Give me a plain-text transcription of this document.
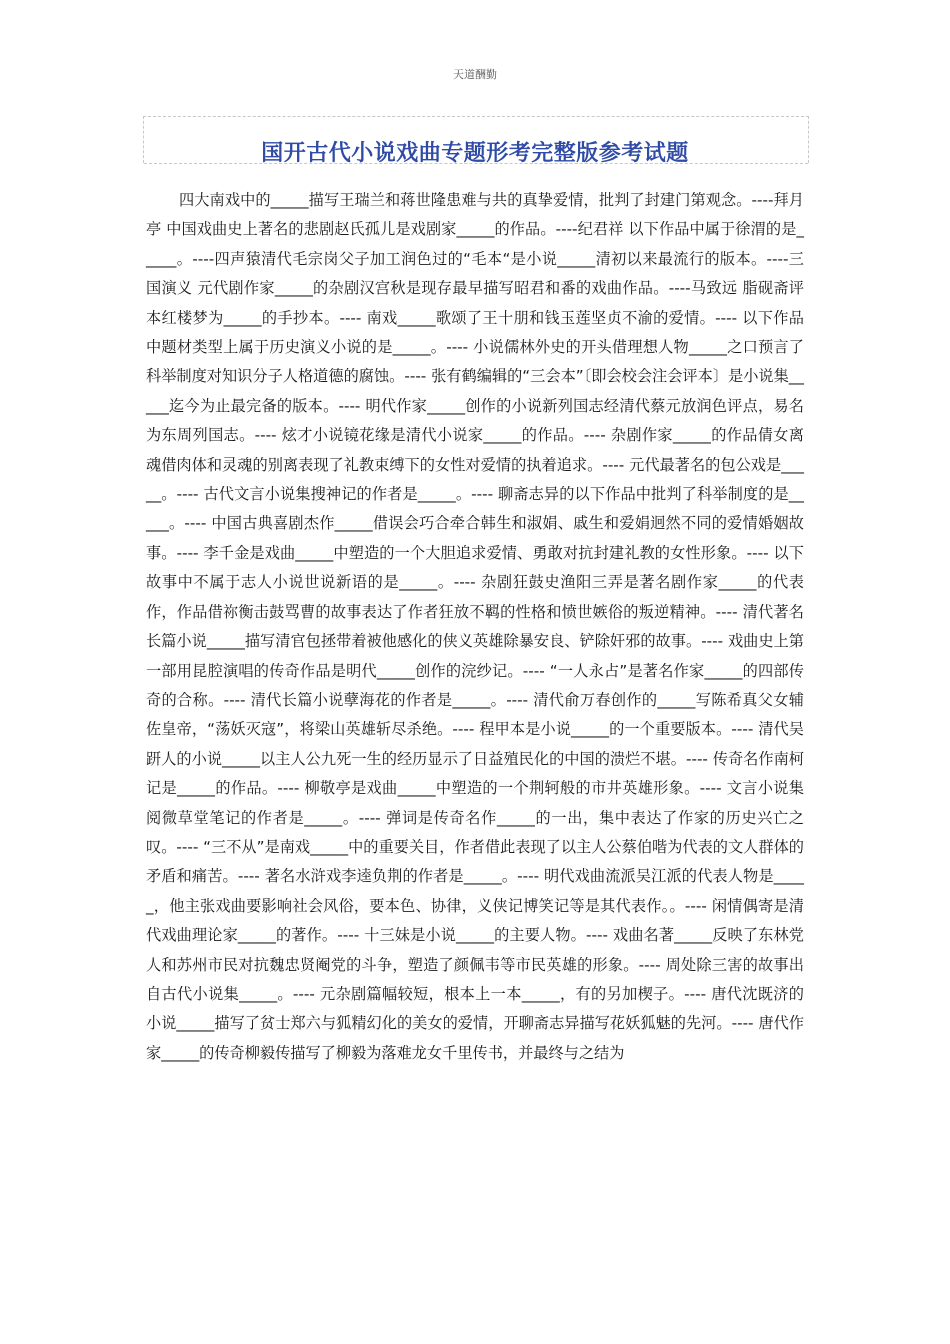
天道酬勤
国开古代小说戏曲专题形考完整版参考试题
四大南戏中的_____描写王瑞兰和蒋世隆患难与共的真挚爱情，批判了封建门第观念。----拜月亭 中国戏曲史上著名的悲剧赵氏孤儿是戏剧家_____的作品。----纪君祥 以下作品中属于徐渭的是_____。----四声猿清代毛宗岗父子加工润色过的“毛本“是小说_____清初以来最流行的版本。----三国演义 元代剧作家_____的杂剧汉宫秋是现存最早描写昭君和番的戏曲作品。----马致远 脂砚斋评本红楼梦为_____的手抄本。---- 南戏_____歌颂了王十朋和钱玉莲坚贞不渝的爱情。---- 以下作品中题材类型上属于历史演义小说的是_____。---- 小说儒林外史的开头借理想人物_____之口预言了科举制度对知识分子人格道德的腐蚀。---- 张有鹤编辑的“三会本”〔即会校会注会评本〕是小说集_____迄今为止最完备的版本。---- 明代作家_____创作的小说新列国志经清代蔡元放润色评点，易名为东周列国志。---- 炫才小说镜花缘是清代小说家_____的作品。---- 杂剧作家_____的作品倩女离魂借肉体和灵魂的别离表现了礼教束缚下的女性对爱情的执着追求。---- 元代最著名的包公戏是_____。---- 古代文言小说集搜神记的作者是_____。---- 聊斋志异的以下作品中批判了科举制度的是_____。---- 中国古典喜剧杰作_____借误会巧合牵合韩生和淑娟、戚生和爱娟迥然不同的爱情婚姻故事。---- 李千金是戏曲_____中塑造的一个大胆追求爱情、勇敢对抗封建礼教的女性形象。---- 以下故事中不属于志人小说世说新语的是_____。---- 杂剧狂鼓史渔阳三弄是著名剧作家_____的代表作，作品借祢衡击鼓骂曹的故事表达了作者狂放不羁的性格和愤世嫉俗的叛逆精神。---- 清代著名长篇小说_____描写清官包拯带着被他感化的侠义英雄除暴安良、铲除奸邪的故事。---- 戏曲史上第一部用昆腔演唱的传奇作品是明代_____创作的浣纱记。---- “一人永占”是著名作家_____的四部传奇的合称。---- 清代长篇小说孽海花的作者是_____。---- 清代俞万春创作的_____写陈希真父女辅佐皇帝，“荡妖灭寇”，将梁山英雄斩尽杀绝。---- 程甲本是小说_____的一个重要版本。---- 清代吴趼人的小说_____以主人公九死一生的经历显示了日益殖民化的中国的溃烂不堪。---- 传奇名作南柯记是_____的作品。---- 柳敬亭是戏曲_____中塑造的一个荆轲般的市井英雄形象。---- 文言小说集阅微草堂笔记的作者是_____。---- 弹词是传奇名作_____的一出，集中表达了作家的历史兴亡之叹。---- “三不从”是南戏_____中的重要关目，作者借此表现了以主人公蔡伯喈为代表的文人群体的矛盾和痛苦。---- 著名水浒戏李逵负荆的作者是_____。---- 明代戏曲流派吴江派的代表人物是_____，他主张戏曲要影响社会风俗，要本色、协律，义侠记博笑记等是其代表作。。---- 闲情偶寄是清代戏曲理论家_____的著作。---- 十三妹是小说_____的主要人物。---- 戏曲名著_____反映了东林党人和苏州市民对抗魏忠贤阉党的斗争，塑造了颜佩韦等市民英雄的形象。---- 周处除三害的故事出自古代小说集_____。---- 元杂剧篇幅较短，根本上一本_____，有的另加楔子。---- 唐代沈既济的小说_____描写了贫士郑六与狐精幻化的美女的爱情，开聊斋志异描写花妖狐魅的先河。---- 唐代作家_____的传奇柳毅传描写了柳毅为落难龙女千里传书，并最终与之结为
